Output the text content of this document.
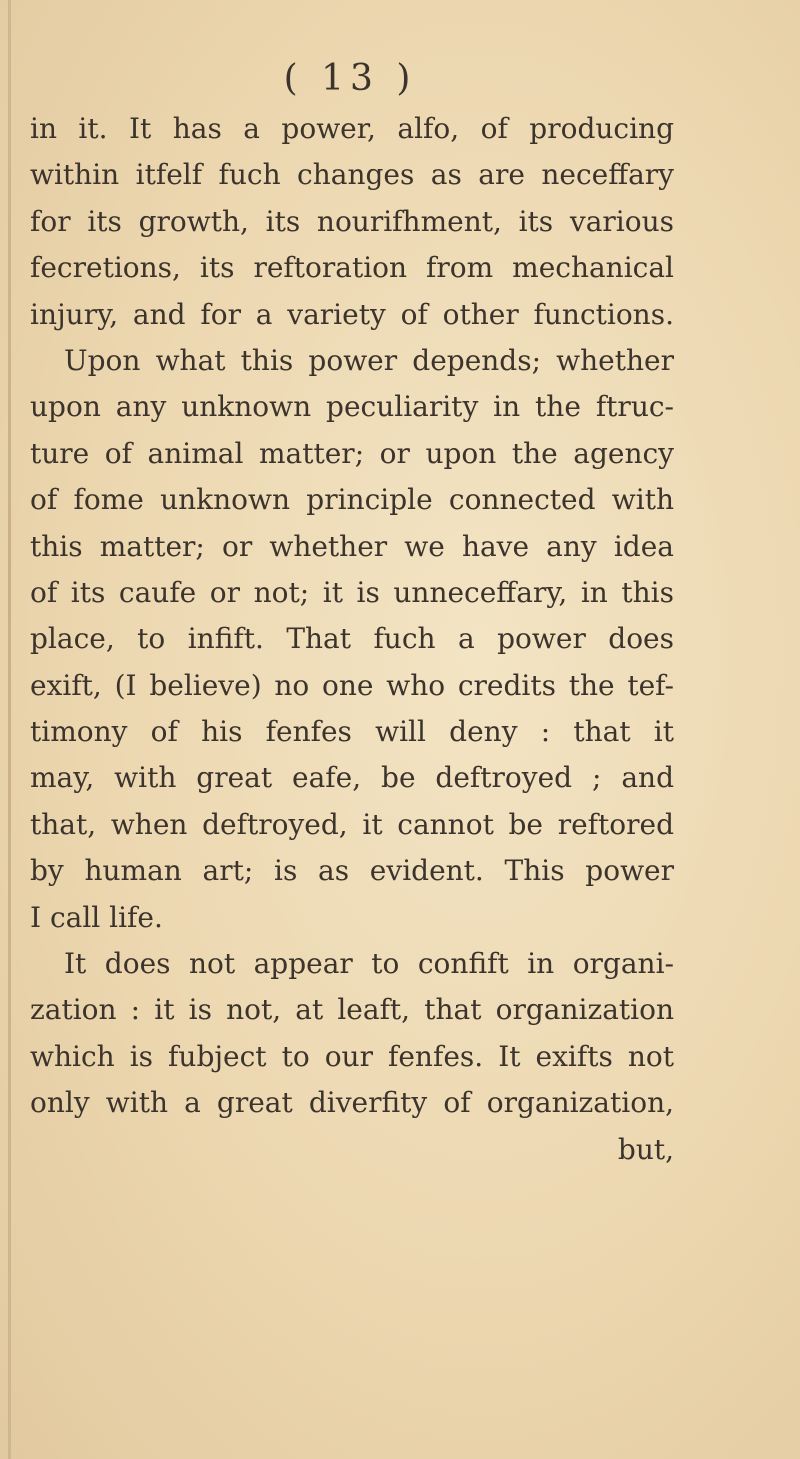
( 13 )
in it. It has a power, alfo, of producing
within itfelf fuch changes as are neceffary
for its growth, its nourifhment, its various
fecretions, its reftoration from mechanical
injury, and for a variety of other functions.
Upon what this power depends; whether
upon any unknown peculiarity in the ftruc-
ture of animal matter; or upon the agency
of fome unknown principle connected with
this matter; or whether we have any idea
of its caufe or not; it is unneceffary, in this
place, to infift. That fuch a power does
exift, (I believe) no one who credits the tef-
timony of his fenfes will deny : that it
may, with great eafe, be deftroyed ; and
that, when deftroyed, it cannot be reftored
by human art; is as evident. This power
I call life.
It does not appear to confift in organi-
zation : it is not, at leaft, that organization
which is fubject to our fenfes. It exifts not
only with a great diverfity of organization,
but,
